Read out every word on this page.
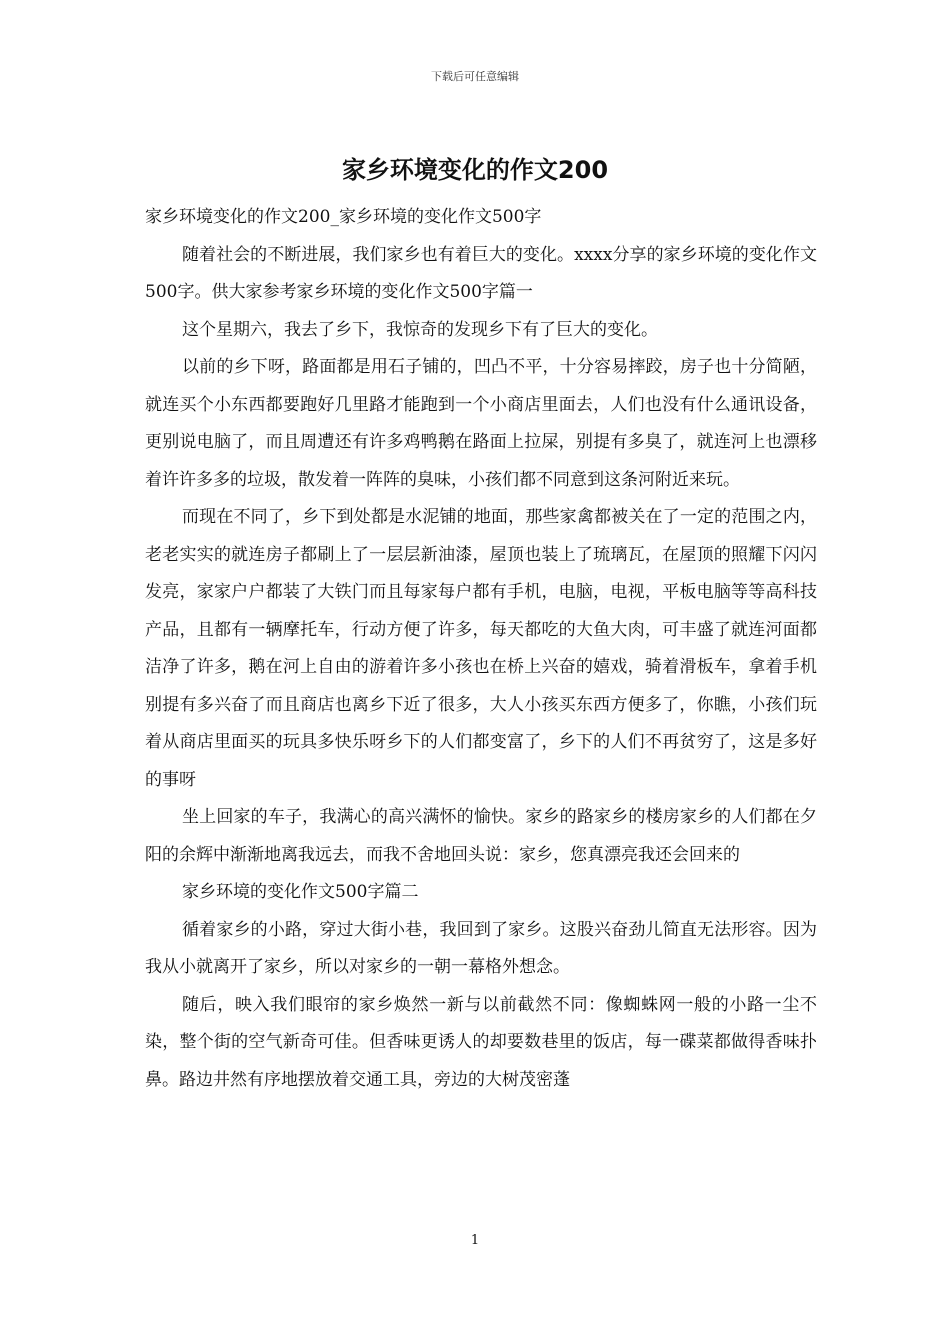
下载后可任意编辑
家乡环境变化的作文200

家乡环境变化的作文200_家乡环境的变化作文500字

随着社会的不断进展，我们家乡也有着巨大的变化。xxxx分享的家乡环境的变化作文500字。供大家参考家乡环境的变化作文500字篇一

这个星期六，我去了乡下，我惊奇的发现乡下有了巨大的变化。

以前的乡下呀，路面都是用石子铺的，凹凸不平，十分容易摔跤，房子也十分简陋，就连买个小东西都要跑好几里路才能跑到一个小商店里面去，人们也没有什么通讯设备，更别说电脑了，而且周遭还有许多鸡鸭鹅在路面上拉屎，别提有多臭了，就连河上也漂移着许许多多的垃圾，散发着一阵阵的臭味，小孩们都不同意到这条河附近来玩。

而现在不同了，乡下到处都是水泥铺的地面，那些家禽都被关在了一定的范围之内，老老实实的就连房子都刷上了一层层新油漆，屋顶也装上了琉璃瓦，在屋顶的照耀下闪闪发亮，家家户户都装了大铁门而且每家每户都有手机，电脑，电视，平板电脑等等高科技产品，且都有一辆摩托车，行动方便了许多，每天都吃的大鱼大肉，可丰盛了就连河面都洁净了许多，鹅在河上自由的游着许多小孩也在桥上兴奋的嬉戏，骑着滑板车，拿着手机别提有多兴奋了而且商店也离乡下近了很多，大人小孩买东西方便多了，你瞧，小孩们玩着从商店里面买的玩具多快乐呀乡下的人们都变富了，乡下的人们不再贫穷了，这是多好的事呀

坐上回家的车子，我满心的高兴满怀的愉快。家乡的路家乡的楼房家乡的人们都在夕阳的余辉中渐渐地离我远去，而我不舍地回头说：家乡，您真漂亮我还会回来的

家乡环境的变化作文500字篇二

循着家乡的小路，穿过大街小巷，我回到了家乡。这股兴奋劲儿简直无法形容。因为我从小就离开了家乡，所以对家乡的一朝一幕格外想念。

随后，映入我们眼帘的家乡焕然一新与以前截然不同：像蜘蛛网一般的小路一尘不染，整个街的空气新奇可佳。但香味更诱人的却要数巷里的饭店，每一碟菜都做得香味扑鼻。路边井然有序地摆放着交通工具，旁边的大树茂密蓬

1
